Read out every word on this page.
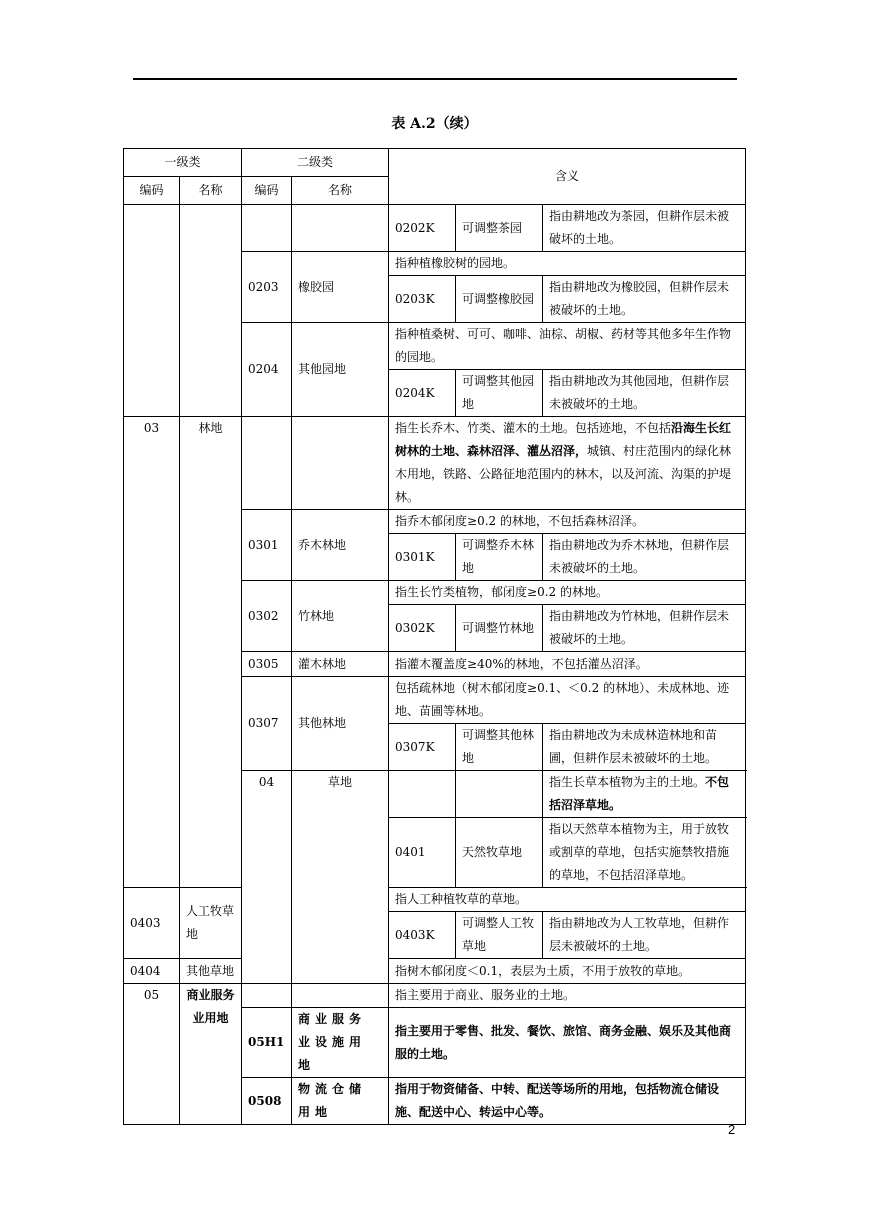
表 A.2（续）
一级类		二级类		含义		
编码	名称	编码	名称			
				0202K	可调整茶园	指由耕地改为茶园，但耕作层未被破坏的土地。
		0203	橡胶园	指种植橡胶树的园地。		
				0203K	可调整橡胶园	指由耕地改为橡胶园，但耕作层未被破坏的土地。
		0204	其他园地	指种植桑树、可可、咖啡、油棕、胡椒、药材等其他多年生作物的园地。		
				0204K	可调整其他园地	指由耕地改为其他园地，但耕作层未被破坏的土地。
03	林地			指生长乔木、竹类、灌木的土地。包括迹地，不包括沿海生长红树林的土地、森林沼泽、灌丛沼泽，城镇、村庄范围内的绿化林木用地，铁路、公路征地范围内的林木，以及河流、沟渠的护堤林。		
		0301	乔木林地	指乔木郁闭度≥0.2 的林地，不包括森林沼泽。		
				0301K	可调整乔木林地	指由耕地改为乔木林地，但耕作层未被破坏的土地。
		0302	竹林地	指生长竹类植物，郁闭度≥0.2 的林地。		
				0302K	可调整竹林地	指由耕地改为竹林地，但耕作层未被破坏的土地。
		0305	灌木林地	指灌木覆盖度≥40%的林地，不包括灌丛沼泽。		
		0307	其他林地	包括疏林地（树木郁闭度≥0.1、＜0.2 的林地）、未成林地、迹地、苗圃等林地。		
				0307K	可调整其他林地	指由耕地改为未成林造林地和苗圃，但耕作层未被破坏的土地。
		04	草地			指生长草本植物为主的土地。不包括沼泽草地。
				0401	天然牧草地	指以天然草本植物为主，用于放牧或割草的草地，包括实施禁牧措施的草地，不包括沼泽草地。
0403	人工牧草地			指人工种植牧草的草地。		
				0403K	可调整人工牧草地	指由耕地改为人工牧草地，但耕作层未被破坏的土地。
0404	其他草地			指树木郁闭度＜0.1，表层为土质，不用于放牧的草地。		
05	商业服务业用地			指主要用于商业、服务业的土地。		
		05H1	商业服务业设施用地	指主要用于零售、批发、餐饮、旅馆、商务金融、娱乐及其他商服的土地。		
		0508	物流仓储用地	指用于物资储备、中转、配送等场所的用地，包括物流仓储设施、配送中心、转运中心等。		
2
